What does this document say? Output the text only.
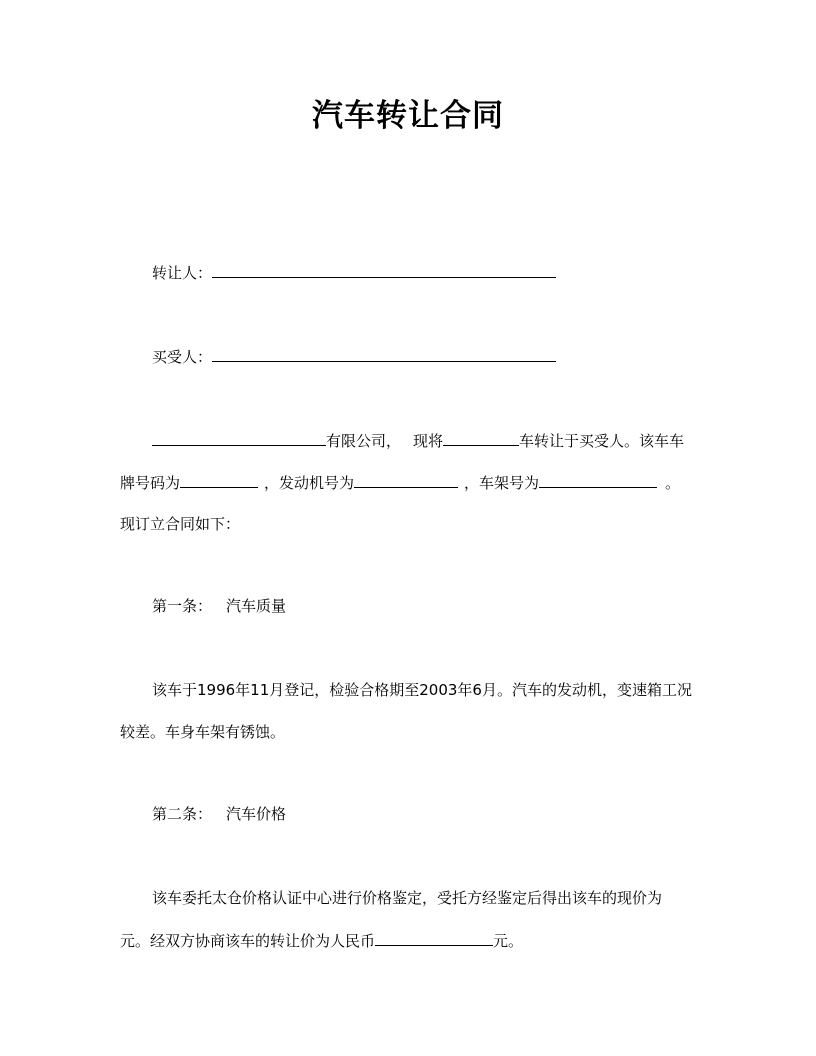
汽车转让合同
转让人：
买受人：
有限公司， 现将	车转让于买受人。该车车
牌号码为	，发动机号为	，车架号为	。
现订立合同如下：
第一条： 汽车质量
该车于1996年11月登记，检验合格期至2003年6月。汽车的发动机，变速箱工况
较差。车身车架有锈蚀。
第二条： 汽车价格
该车委托太仓价格认证中心进行价格鉴定，受托方经鉴定后得出该车的现价为
元。经双方协商该车的转让价为人民币	元。
